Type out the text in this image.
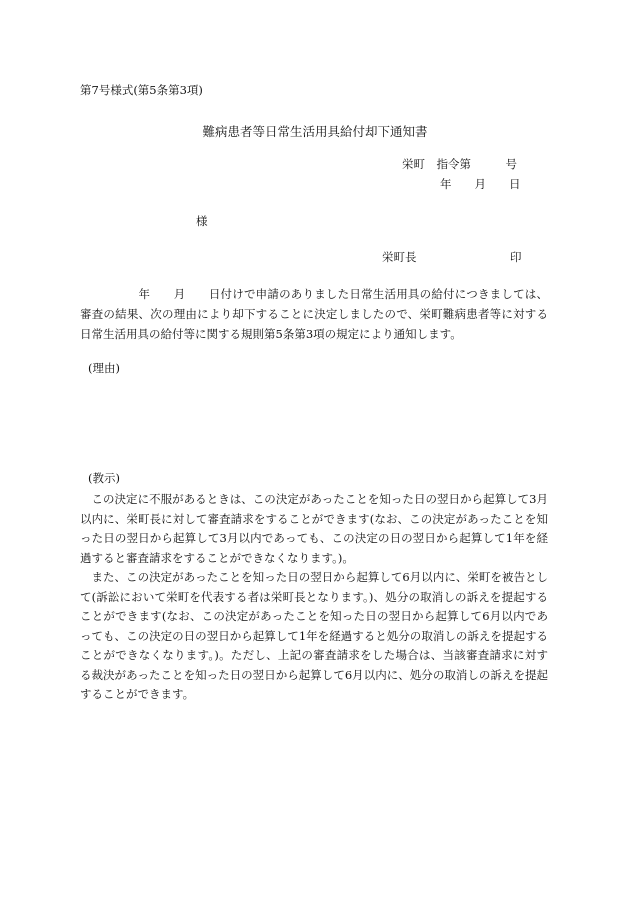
第7号様式(第5条第3項)
難病患者等日常生活用具給付却下通知書
栄町　指令第　　　号
年　　月　　日
様
栄町長	印
　　　　　年　　月　　日付けで申請のありました日常生活用具の給付につきましては、審査の結果、次の理由により却下することに決定しましたので、栄町難病患者等に対する日常生活用具の給付等に関する規則第5条第3項の規定により通知します。
(理由)
(教示)

この決定に不服があるときは、この決定があったことを知った日の翌日から起算して3月以内に、栄町長に対して審査請求をすることができます(なお、この決定があったことを知った日の翌日から起算して3月以内であっても、この決定の日の翌日から起算して1年を経過すると審査請求をすることができなくなります。)。

また、この決定があったことを知った日の翌日から起算して6月以内に、栄町を被告として(訴訟において栄町を代表する者は栄町長となります。)、処分の取消しの訴えを提起することができます(なお、この決定があったことを知った日の翌日から起算して6月以内であっても、この決定の日の翌日から起算して1年を経過すると処分の取消しの訴えを提起することができなくなります。)。ただし、上記の審査請求をした場合は、当該審査請求に対する裁決があったことを知った日の翌日から起算して6月以内に、処分の取消しの訴えを提起することができます。
